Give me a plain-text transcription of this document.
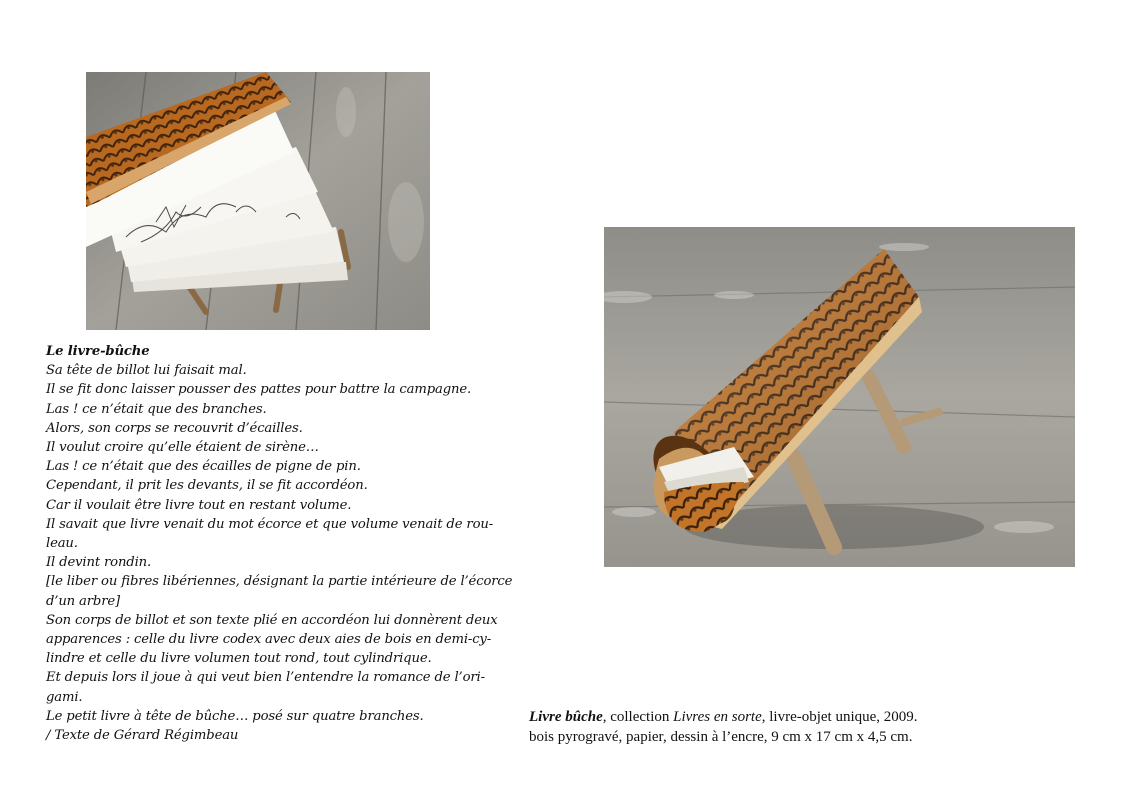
Le livre-bûche
Sa tête de billot lui faisait mal.
Il se fit donc laisser pousser des pattes pour battre la campagne.
Las ! ce n’était que des branches.
Alors, son corps se recouvrit d’écailles.
Il voulut croire qu’elle étaient de sirène…
Las ! ce n’était que des écailles de pigne de pin.
Cependant, il prit les devants, il se fit accordéon.
Car il voulait être livre tout en restant volume.
Il savait que livre venait du mot écorce et que volume venait de rou-
leau.
Il devint rondin.
[le liber ou fibres libériennes, désignant la partie intérieure de l’écorce
d’un arbre]
Son corps de billot et son texte plié en accordéon lui donnèrent deux
apparences : celle du livre codex avec deux aies de bois en demi-cy-
lindre et celle du livre volumen tout rond, tout cylindrique.
Et depuis lors il joue à qui veut bien l’entendre la romance de l’ori-
gami.
Le petit livre à tête de bûche… posé sur quatre branches.
/ Texte de Gérard Régimbeau
Livre bûche, collection Livres en sorte, livre-objet unique, 2009.
bois pyrogravé, papier, dessin à l’encre, 9 cm x 17 cm x 4,5 cm.
